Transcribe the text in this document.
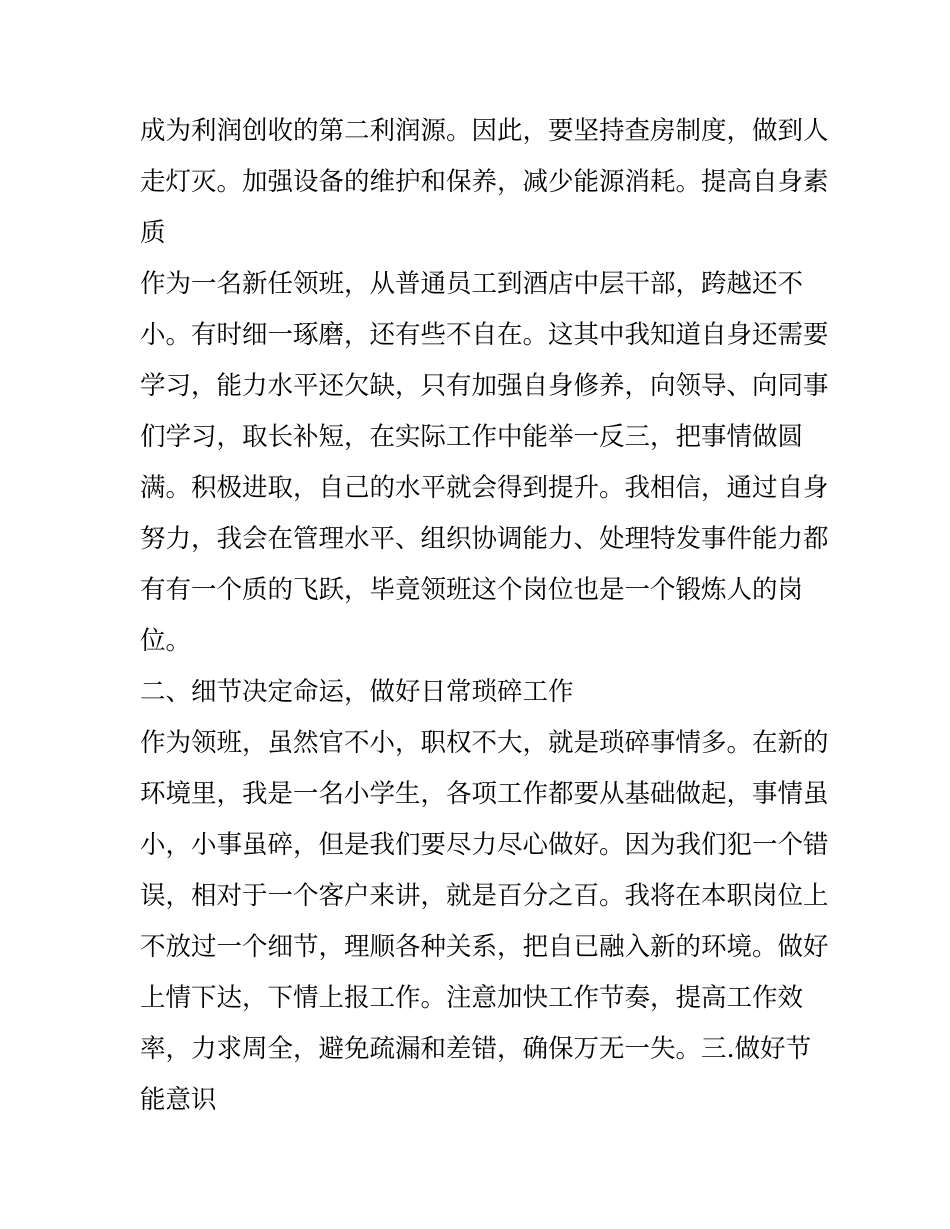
成为利润创收的第二利润源。因此，要坚持查房制度，做到人
走灯灭。加强设备的维护和保养，减少能源消耗。提高自身素
质
作为一名新任领班，从普通员工到酒店中层干部，跨越还不
小。有时细一琢磨，还有些不自在。这其中我知道自身还需要
学习，能力水平还欠缺，只有加强自身修养，向领导、向同事
们学习，取长补短，在实际工作中能举一反三，把事情做圆
满。积极进取，自己的水平就会得到提升。我相信，通过自身
努力，我会在管理水平、组织协调能力、处理特发事件能力都
有有一个质的飞跃，毕竟领班这个岗位也是一个锻炼人的岗
位。
二、细节决定命运，做好日常琐碎工作
作为领班，虽然官不小，职权不大，就是琐碎事情多。在新的
环境里，我是一名小学生，各项工作都要从基础做起，事情虽
小，小事虽碎，但是我们要尽力尽心做好。因为我们犯一个错
误，相对于一个客户来讲，就是百分之百。我将在本职岗位上
不放过一个细节，理顺各种关系，把自已融入新的环境。做好
上情下达，下情上报工作。注意加快工作节奏，提高工作效
率，力求周全，避免疏漏和差错，确保万无一失。三.做好节
能意识
